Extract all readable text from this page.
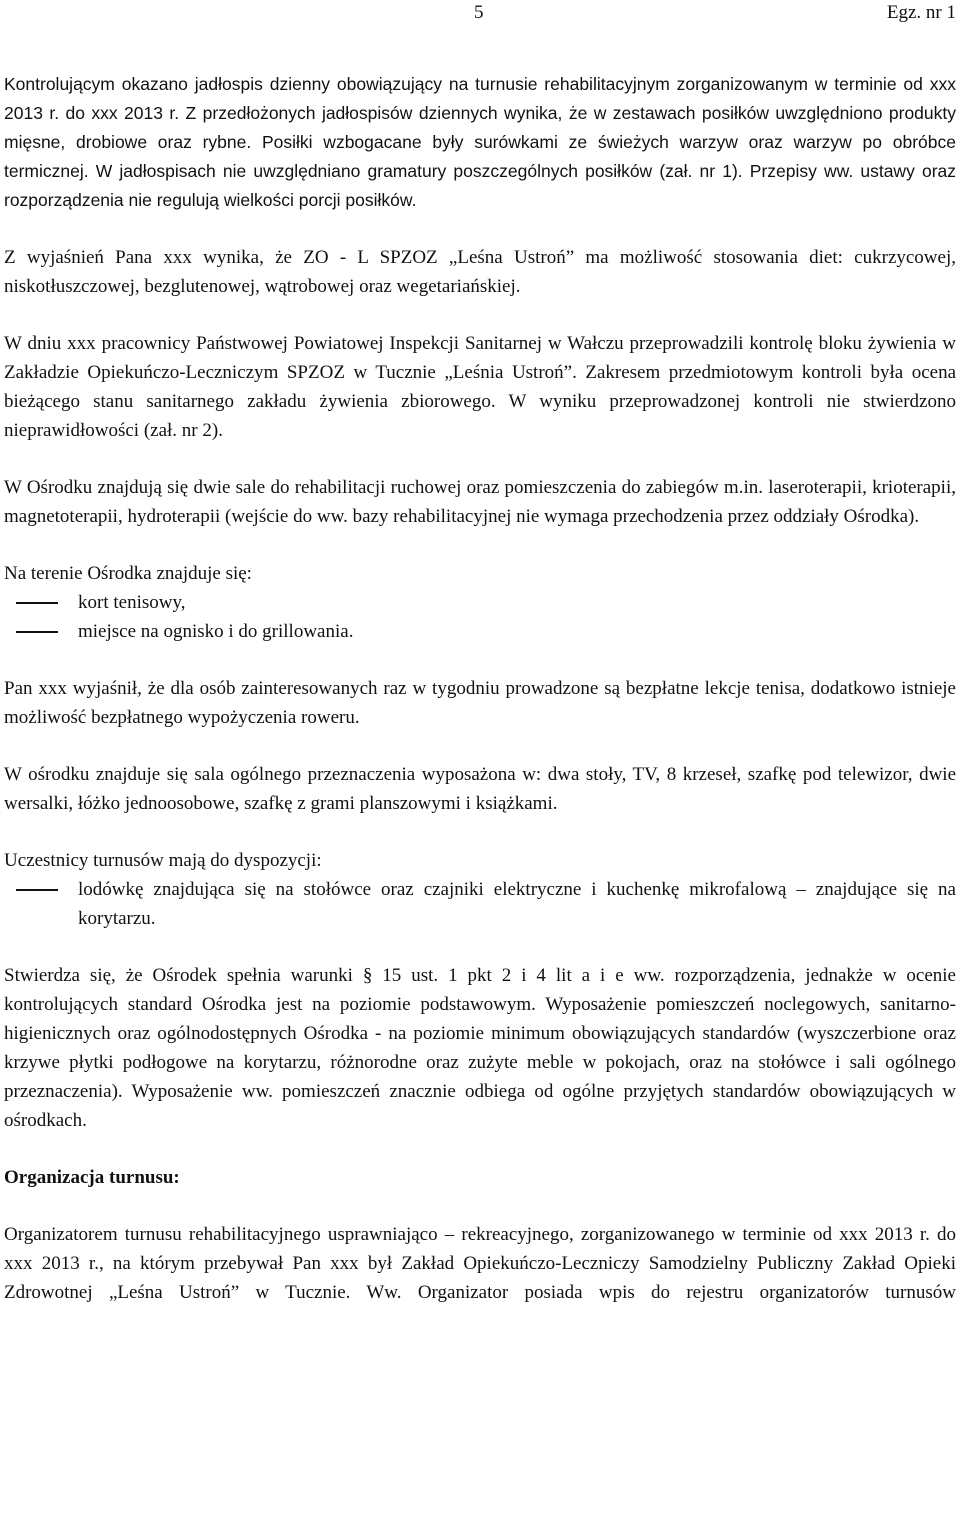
5	Egz. nr 1

Kontrolującym okazano jadłospis dzienny obowiązujący na turnusie rehabilitacyjnym zorganizowanym w terminie od xxx 2013 r. do xxx 2013 r. Z przedłożonych jadłospisów dziennych wynika, że w zestawach posiłków uwzględniono produkty mięsne, drobiowe oraz rybne. Posiłki wzbogacane były surówkami ze świeżych warzyw oraz warzyw po obróbce termicznej. W jadłospisach nie uwzględniano gramatury poszczególnych posiłków (zał. nr 1). Przepisy ww. ustawy oraz rozporządzenia nie regulują wielkości porcji posiłków.

Z wyjaśnień Pana xxx wynika, że ZO - L SPZOZ „Leśna Ustroń” ma możliwość stosowania diet: cukrzycowej, niskotłuszczowej, bezglutenowej, wątrobowej oraz wegetariańskiej.

W dniu xxx pracownicy Państwowej Powiatowej Inspekcji Sanitarnej w Wałczu przeprowadzili kontrolę bloku żywienia w Zakładzie Opiekuńczo-Leczniczym SPZOZ w Tucznie „Leśnia Ustroń”. Zakresem przedmiotowym kontroli była ocena bieżącego stanu sanitarnego zakładu żywienia zbiorowego. W wyniku przeprowadzonej kontroli nie stwierdzono nieprawidłowości (zał. nr 2).

W Ośrodku znajdują się dwie sale do rehabilitacji ruchowej oraz pomieszczenia do zabiegów m.in. laseroterapii, krioterapii, magnetoterapii, hydroterapii (wejście do ww. bazy rehabilitacyjnej nie wymaga przechodzenia przez oddziały Ośrodka).

Na terenie Ośrodka znajduje się:

kort tenisowy,
miejsce na ognisko i do grillowania.

Pan xxx wyjaśnił, że dla osób zainteresowanych raz w tygodniu prowadzone są bezpłatne lekcje tenisa, dodatkowo istnieje możliwość bezpłatnego wypożyczenia roweru.

W ośrodku znajduje się sala ogólnego przeznaczenia wyposażona w: dwa stoły, TV, 8 krzeseł, szafkę pod telewizor, dwie wersalki, łóżko jednoosobowe, szafkę z grami planszowymi i książkami.

Uczestnicy turnusów mają do dyspozycji:

lodówkę znajdująca się na stołówce oraz czajniki elektryczne i kuchenkę mikrofalową – znajdujące się na korytarzu.

Stwierdza się, że Ośrodek spełnia warunki § 15 ust. 1 pkt 2 i 4 lit a i e ww. rozporządzenia, jednakże w ocenie kontrolujących standard Ośrodka jest na poziomie podstawowym. Wyposażenie pomieszczeń noclegowych, sanitarno-higienicznych oraz ogólnodostępnych Ośrodka - na poziomie minimum obowiązujących standardów (wyszczerbione oraz krzywe płytki podłogowe na korytarzu, różnorodne oraz zużyte meble w pokojach, oraz na stołówce i sali ogólnego przeznaczenia). Wyposażenie ww. pomieszczeń znacznie odbiega od ogólne przyjętych standardów obowiązujących w ośrodkach.

Organizacja turnusu:

Organizatorem turnusu rehabilitacyjnego usprawniająco – rekreacyjnego, zorganizowanego w terminie od xxx 2013 r. do xxx 2013 r., na którym przebywał Pan xxx był Zakład Opiekuńczo-Leczniczy Samodzielny Publiczny Zakład Opieki Zdrowotnej „Leśna Ustroń” w Tucznie. Ww. Organizator posiada wpis do rejestru organizatorów turnusów
